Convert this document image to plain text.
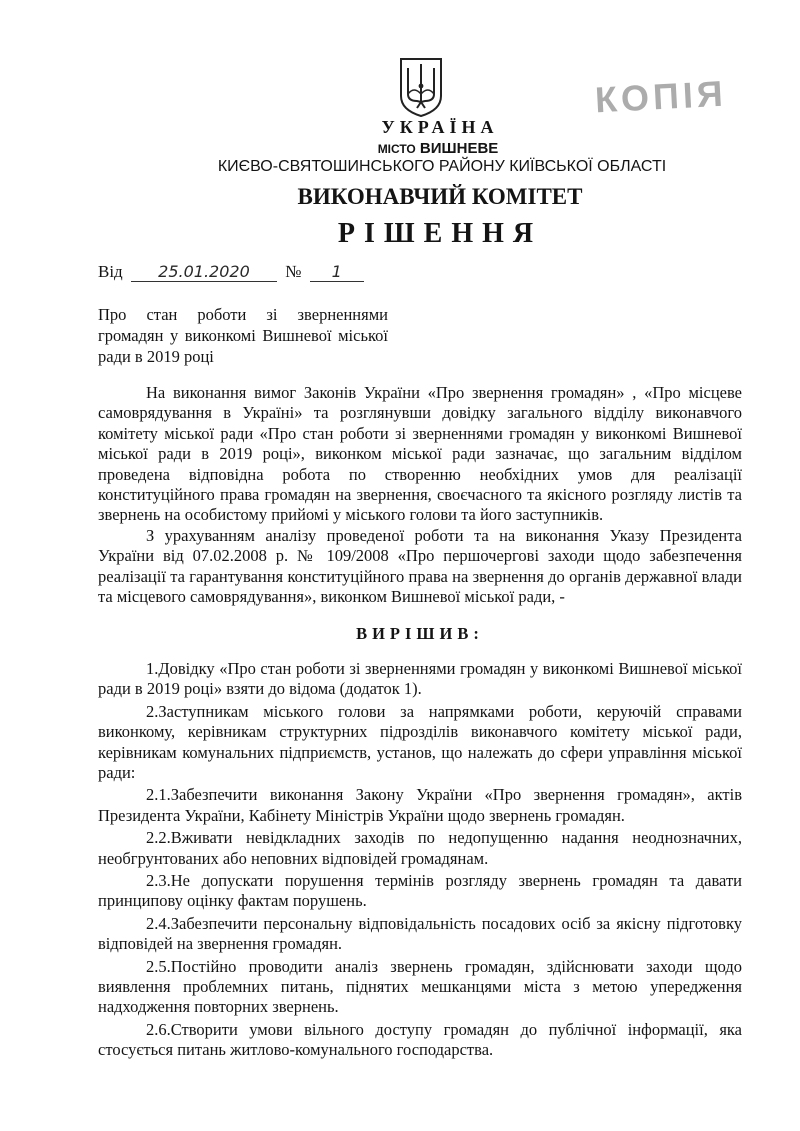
КОПІЯ
УКРАЇНА
МІСТО ВИШНЕВЕ
КИЄВО-СВЯТОШИНСЬКОГО РАЙОНУ КИЇВСЬКОЇ ОБЛАСТІ
ВИКОНАВЧИЙ КОМІТЕТ
РІШЕННЯ
Від 25.01.2020 № 1
Про стан роботи зі зверненнями громадян у виконкомі Вишневої міської ради в 2019 році

На виконання вимог Законів України «Про звернення громадян» , «Про місцеве самоврядування в Україні» та розглянувши довідку загального відділу виконавчого комітету міської ради «Про стан роботи зі зверненнями громадян у виконкомі Вишневої міської ради в 2019 році», виконком міської ради зазначає, що загальним відділом проведена відповідна робота по створенню необхідних умов для реалізації конституційного права громадян на звернення, своєчасного та якісного розгляду листів та звернень на особистому прийомі у міського голови та його заступників.

З урахуванням аналізу проведеної роботи та на виконання Указу Президента України від 07.02.2008 р. № 109/2008 «Про першочергові заходи щодо забезпечення реалізації та гарантування конституційного права на звернення до органів державної влади та місцевого самоврядування», виконком Вишневої міської ради, -

ВИРІШИВ:

1.Довідку «Про стан роботи зі зверненнями громадян у виконкомі Вишневої міської ради в 2019 році» взяти до відома (додаток 1).

2.Заступникам міського голови за напрямками роботи, керуючій справами виконкому, керівникам структурних підрозділів виконавчого комітету міської ради, керівникам комунальних підприємств, установ, що належать до сфери управління міської ради:

2.1.Забезпечити виконання Закону України «Про звернення громадян», актів Президента України, Кабінету Міністрів України щодо звернень громадян.

2.2.Вживати невідкладних заходів по недопущенню надання неоднозначних, необгрунтованих або неповних відповідей громадянам.

2.3.Не допускати порушення термінів розгляду звернень громадян та давати принципову оцінку фактам порушень.

2.4.Забезпечити персональну відповідальність посадових осіб за якісну підготовку відповідей на звернення громадян.

2.5.Постійно проводити аналіз звернень громадян, здійснювати заходи щодо виявлення проблемних питань, піднятих мешканцями міста з метою упередження надходження повторних звернень.

2.6.Створити умови вільного доступу громадян до публічної інформації, яка стосується питань житлово-комунального господарства.
